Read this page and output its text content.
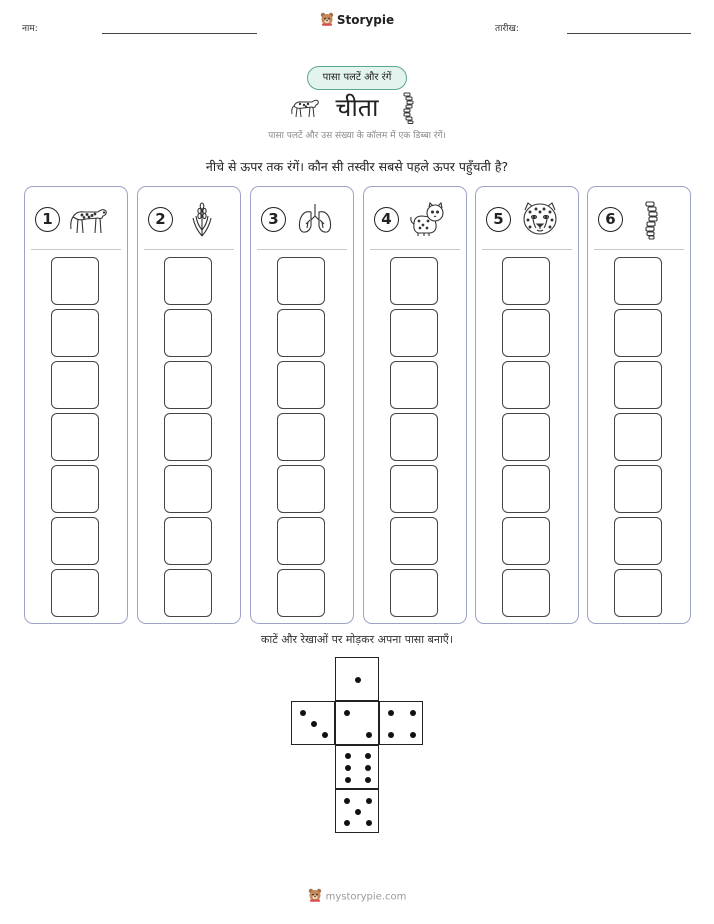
नाम:
Storypie
तारीख:
पासा पलटें और रंगें
चीता
पासा पलटें और उस संख्या के कॉलम में एक डिब्बा रंगें।
नीचे से ऊपर तक रंगें। कौन सी तस्वीर सबसे पहले ऊपर पहुँचती है?
1	2	3	4	5	6
काटें और रेखाओं पर मोड़कर अपना पासा बनाएँ।
mystorypie.com
